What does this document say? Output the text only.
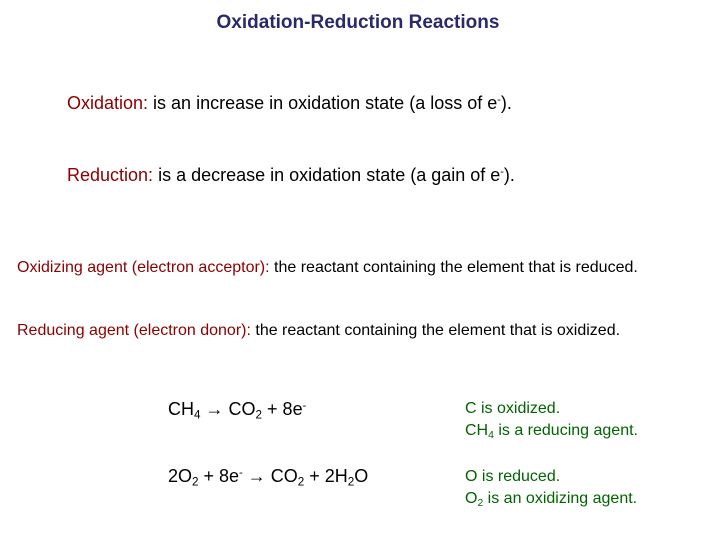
Oxidation-Reduction Reactions
Oxidation: is an increase in oxidation state (a loss of e-).
Reduction: is a decrease in oxidation state (a gain of e-).
Oxidizing agent (electron acceptor): the reactant containing the element that is reduced.
Reducing agent (electron donor): the reactant containing the element that is oxidized.
$CH_4 \to CO_2 + 8e^-$
$2O_2 + 8e^- \to CO_2 + 2H_2O$
C is oxidized.
$CH_4$ is a reducing agent.
O is reduced.
$O_2$ is an oxidizing agent.
